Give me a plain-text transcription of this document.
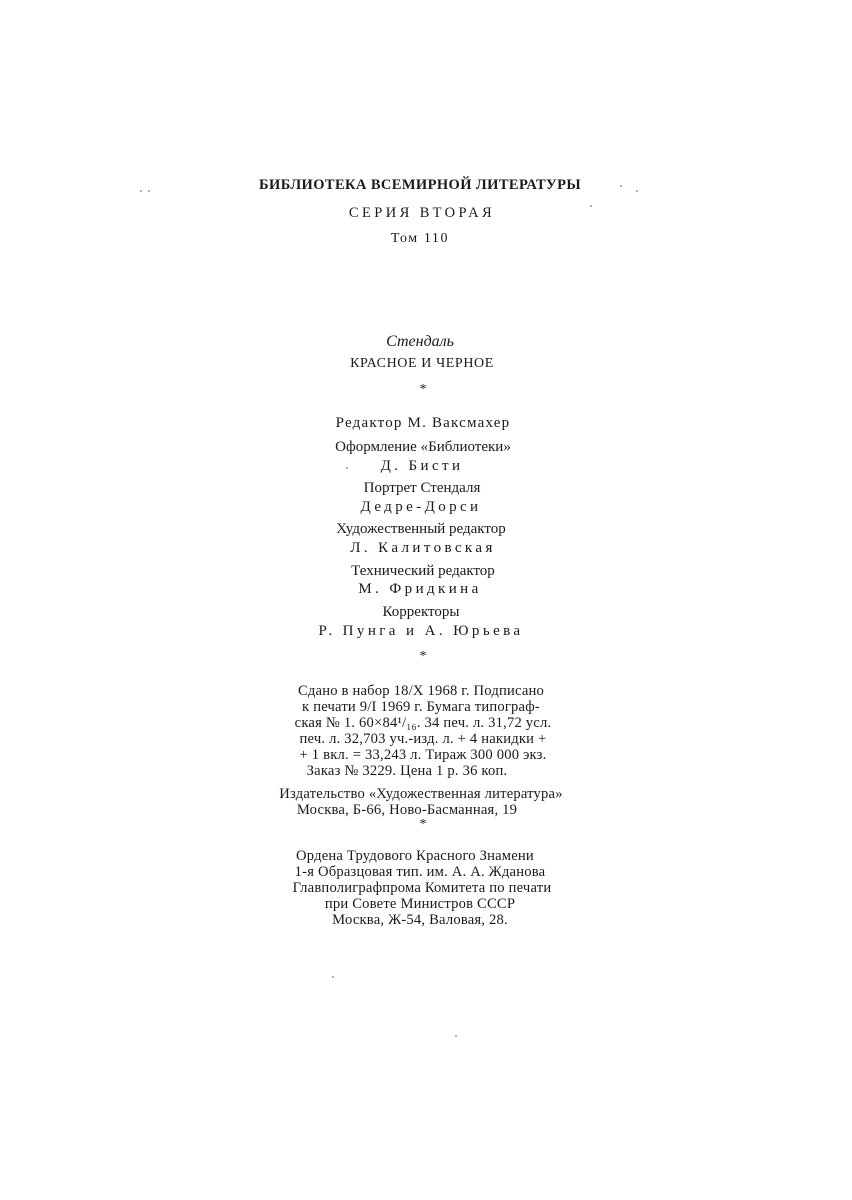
БИБЛИОТЕКА ВСЕМИРНОЙ ЛИТЕРАТУРЫ
СЕРИЯ ВТОРАЯ
Том 110
Стендаль
КРАСНОЕ И ЧЕРНОЕ
*
Редактор М. Ваксмахер
Оформление «Библиотеки»
Д. Бисти
Портрет Стендаля
Дедре-Дорси
Художественный редактор
Л. Калитовская
Технический редактор
М. Фридкина
Корректоры
Р. Пунга и А. Юрьева
*
Сдано в набор 18/X 1968 г. Подписано
к печати 9/I 1969 г. Бумага типограф-
ская № 1. 60×84¹/₁₆. 34 печ. л. 31,72 усл.
печ. л. 32,703 уч.-изд. л. + 4 накидки +
+ 1 вкл. = 33,243 л. Тираж 300 000 экз.
Заказ № 3229. Цена 1 р. 36 коп.
Издательство «Художественная литература»
Москва, Б-66, Ново-Басманная, 19
*
Ордена Трудового Красного Знамени
1-я Образцовая тип. им. А. А. Жданова
Главполиграфпрома Комитета по печати
при Совете Министров СССР
Москва, Ж-54, Валовая, 28.
